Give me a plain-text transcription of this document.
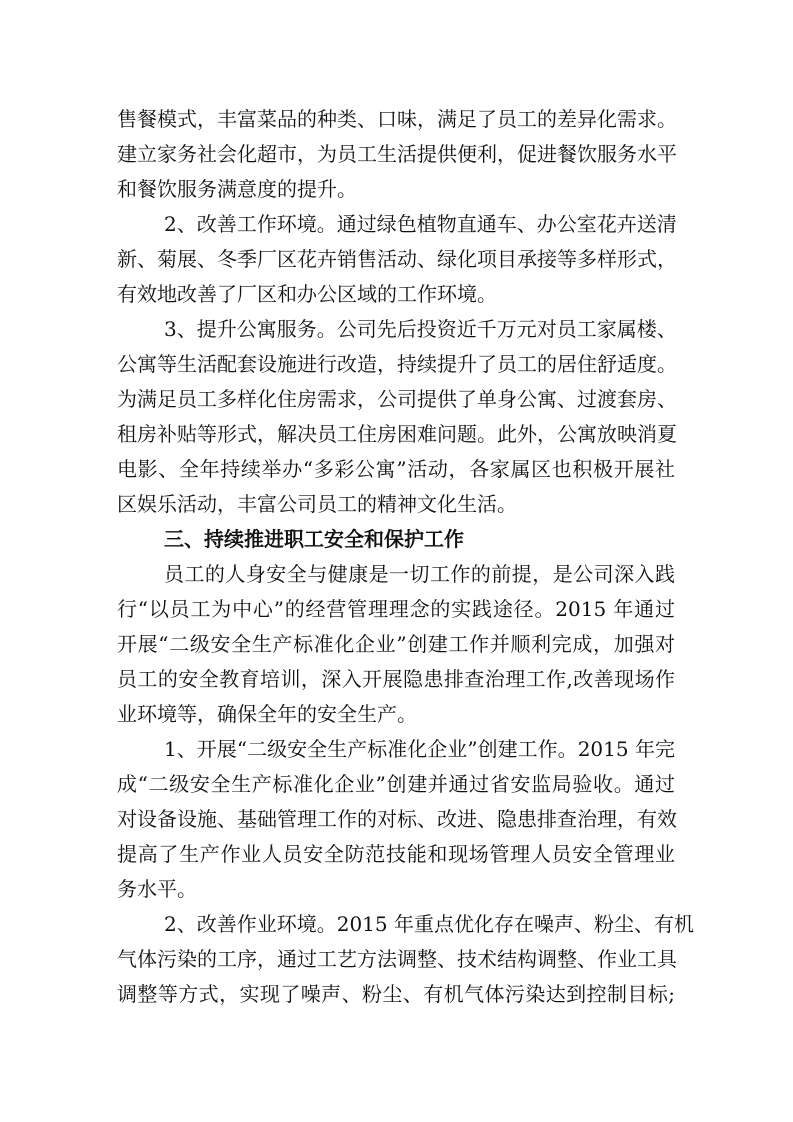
售餐模式，丰富菜品的种类、口味，满足了员工的差异化需求。
建立家务社会化超市，为员工生活提供便利，促进餐饮服务水平
和餐饮服务满意度的提升。
2、改善工作环境。通过绿色植物直通车、办公室花卉送清
新、菊展、冬季厂区花卉销售活动、绿化项目承接等多样形式，
有效地改善了厂区和办公区域的工作环境。
3、提升公寓服务。公司先后投资近千万元对员工家属楼、
公寓等生活配套设施进行改造，持续提升了员工的居住舒适度。
为满足员工多样化住房需求，公司提供了单身公寓、过渡套房、
租房补贴等形式，解决员工住房困难问题。此外，公寓放映消夏
电影、全年持续举办“多彩公寓”活动，各家属区也积极开展社
区娱乐活动，丰富公司员工的精神文化生活。
三、持续推进职工安全和保护工作
员工的人身安全与健康是一切工作的前提，是公司深入践
行“以员工为中心”的经营管理理念的实践途径。2015 年通过
开展“二级安全生产标准化企业”创建工作并顺利完成，加强对
员工的安全教育培训，深入开展隐患排查治理工作,改善现场作
业环境等，确保全年的安全生产。
1、开展“二级安全生产标准化企业”创建工作。2015 年完
成“二级安全生产标准化企业”创建并通过省安监局验收。通过
对设备设施、基础管理工作的对标、改进、隐患排查治理，有效
提高了生产作业人员安全防范技能和现场管理人员安全管理业
务水平。
2、改善作业环境。2015 年重点优化存在噪声、粉尘、有机
气体污染的工序，通过工艺方法调整、技术结构调整、作业工具
调整等方式，实现了噪声、粉尘、有机气体污染达到控制目标;
